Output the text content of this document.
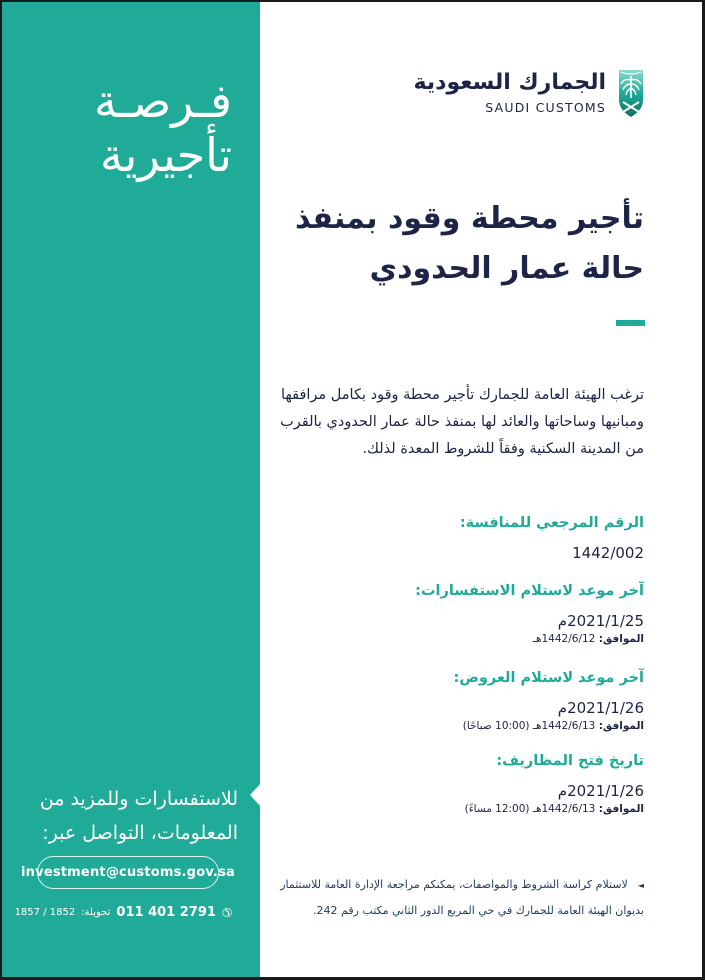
فـرصـة
تأجيرية
للاستفسارات وللمزيد من
المعلومات، التواصل عبر:
investment@customs.gov.sa
✆
011 401 2791
تحويلة:
1857 / 1852
الجمارك السعودية
SAUDI CUSTOMS
تأجير محطة وقود بمنفذ
حالة عمار الحدودي
ترغب الهيئة العامة للجمارك تأجير محطة وقود بكامل مرافقها
ومبانيها وساحاتها والعائد لها بمنفذ حالة عمار الحدودي بالقرب
من المدينة السكنية وفقاً للشروط المعدة لذلك.
الرقم المرجعي للمنافسة:
1442/002
آخر موعد لاستلام الاستفسارات:
2021/1/25م
الموافق: 1442/6/12هـ
آخر موعد لاستلام العروض:
2021/1/26م
الموافق: 1442/6/13هـ (10:00 صباحًا)
تاريخ فتح المظاريف:
2021/1/26م
الموافق: 1442/6/13هـ (12:00 مساءً)
◄لاستلام كراسة الشروط والمواصفات، يمكنكم مراجعة الإدارة العامة للاستثمار
بديوان الهيئة العامة للجمارك في حي المربع الدور الثاني مكتب رقم 242.
